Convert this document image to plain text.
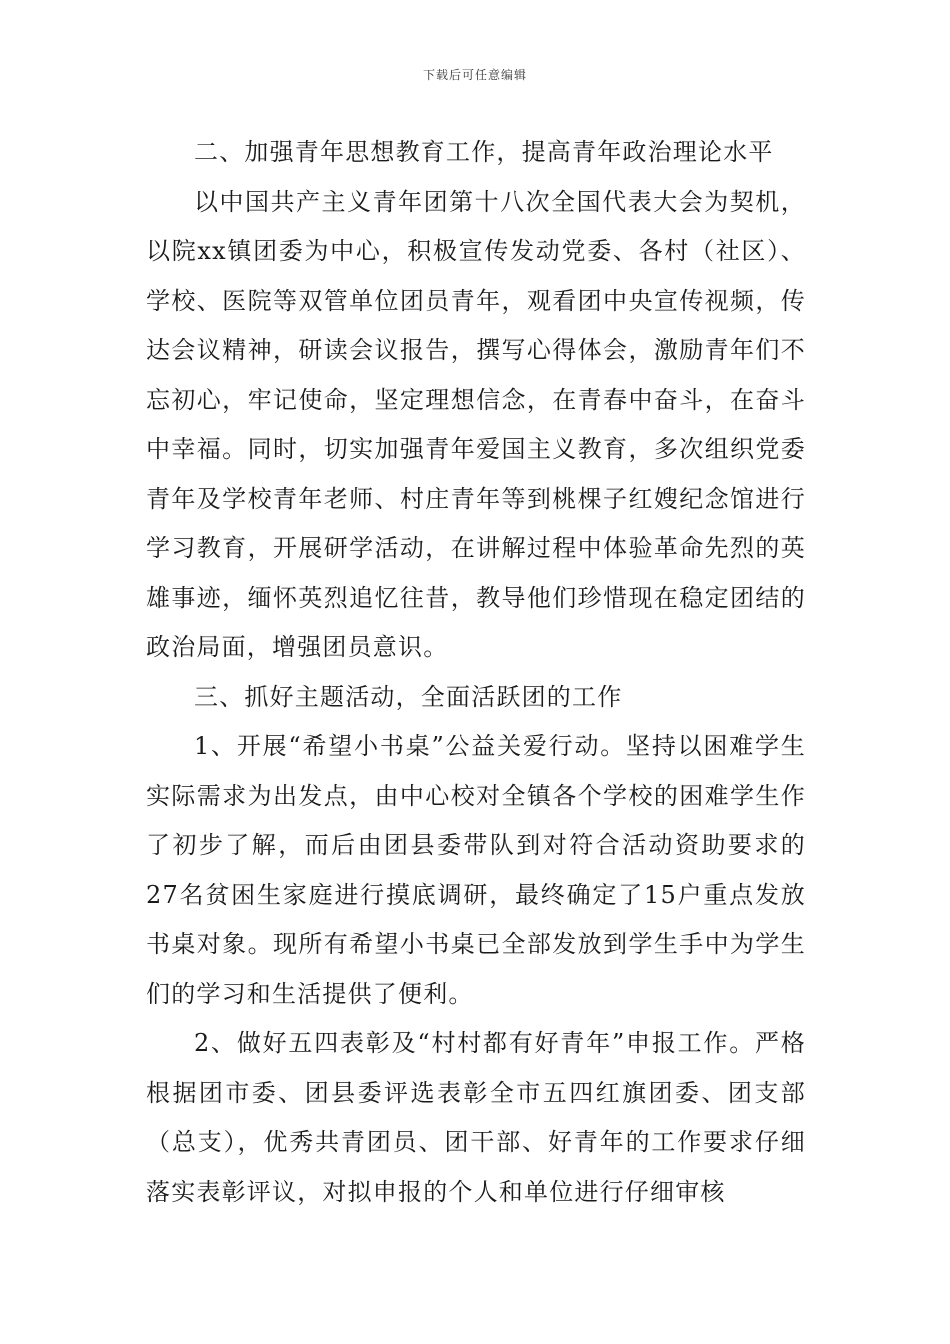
下载后可任意编辑

二、加强青年思想教育工作，提高青年政治理论水平

以中国共产主义青年团第十八次全国代表大会为契机，以院xx镇团委为中心，积极宣传发动党委、各村（社区）、学校、医院等双管单位团员青年，观看团中央宣传视频，传达会议精神，研读会议报告，撰写心得体会，激励青年们不忘初心，牢记使命，坚定理想信念，在青春中奋斗，在奋斗中幸福。同时，切实加强青年爱国主义教育，多次组织党委青年及学校青年老师、村庄青年等到桃棵子红嫂纪念馆进行学习教育，开展研学活动，在讲解过程中体验革命先烈的英雄事迹，缅怀英烈追忆往昔，教导他们珍惜现在稳定团结的政治局面，增强团员意识。

三、抓好主题活动，全面活跃团的工作

1、开展“希望小书桌”公益关爱行动。坚持以困难学生实际需求为出发点，由中心校对全镇各个学校的困难学生作了初步了解，而后由团县委带队到对符合活动资助要求的27名贫困生家庭进行摸底调研，最终确定了15户重点发放书桌对象。现所有希望小书桌已全部发放到学生手中为学生们的学习和生活提供了便利。

2、做好五四表彰及“村村都有好青年”申报工作。严格根据团市委、团县委评选表彰全市五四红旗团委、团支部（总支），优秀共青团员、团干部、好青年的工作要求仔细落实表彰评议，对拟申报的个人和单位进行仔细审核
